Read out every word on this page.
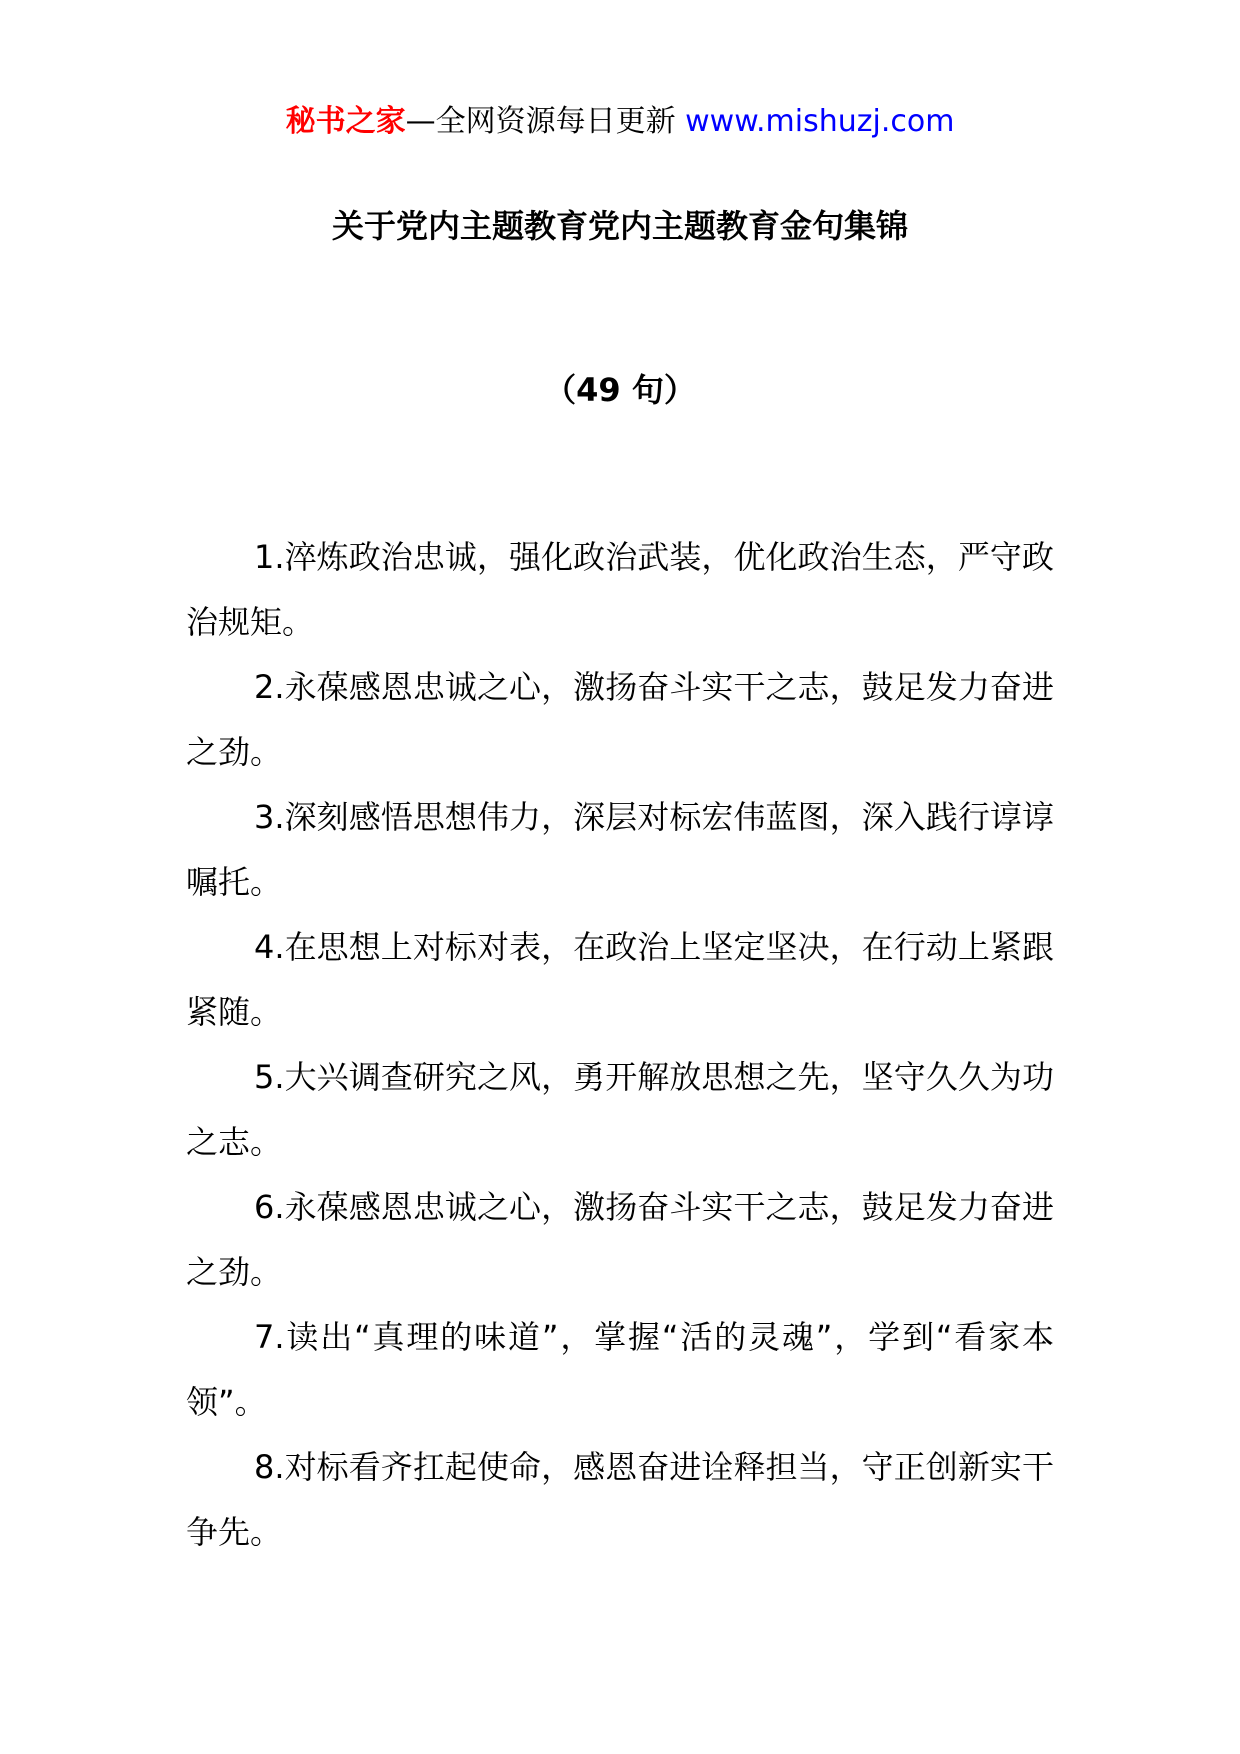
秘书之家—全网资源每日更新 www.mishuzj.com
关于党内主题教育党内主题教育金句集锦
（49 句）

1.淬炼政治忠诚，强化政治武装，优化政治生态，严守政治规矩。

2.永葆感恩忠诚之心，激扬奋斗实干之志，鼓足发力奋进之劲。

3.深刻感悟思想伟力，深层对标宏伟蓝图，深入践行谆谆嘱托。

4.在思想上对标对表，在政治上坚定坚决，在行动上紧跟紧随。

5.大兴调查研究之风，勇开解放思想之先，坚守久久为功之志。

6.永葆感恩忠诚之心，激扬奋斗实干之志，鼓足发力奋进之劲。

7.读出“真理的味道”，掌握“活的灵魂”，学到“看家本领”。

8.对标看齐扛起使命，感恩奋进诠释担当，守正创新实干争先。
